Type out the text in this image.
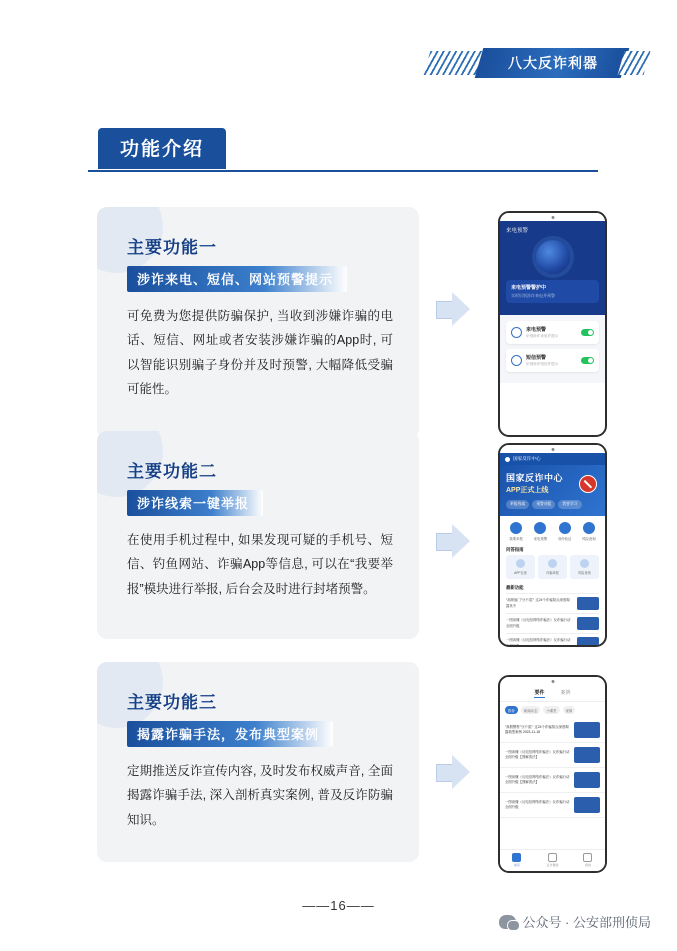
八大反诈利器
功能介绍
主要功能一
涉诈来电、短信、网站预警提示
可免费为您提供防骗保护, 当收到涉嫌诈骗的电话、短信、网址或者安装涉嫌诈骗的App时, 可以智能识别骗子身份并及时预警, 大幅降低受骗可能性。
主要功能二
涉诈线索一键举报
在使用手机过程中, 如果发现可疑的手机号、短信、钓鱼网站、诈骗App等信息, 可以在“我要举报”模块进行举报, 后台会及时进行封堵预警。
主要功能三
揭露诈骗手法，发布典型案例
定期推送反诈宣传内容, 及时发布权威声音, 全面揭露诈骗手法, 深入剖析真实案例, 普及反诈防骗知识。
来电预警
来电预警警护中
实时识别涉诈来电并预警
来电预警
识别涉诈来电并提示
短信预警
识别涉诈短信并提示
国家反诈中心
国家反诈中心
APP正式上线
举报线索	预警劝阻	我要学习
我要举报	来电预警	身份验证	风险查询
问答指南
APP自查	诈骗举报	风险查询
最新功能
“高颜值门”分不清？这24个诈骗窝点深度揭露其中
一图读懂《反电信网络诈骗法》反诈骗行动全面升级
一图读懂《反电信网络诈骗法》反诈骗行动全面升级
要件	案例
推荐	新闻动态	小课堂	视频
“真假警察”分不清？这24个诈骗窝点深度揭露典型案例 2023-11-18
一图读懂《反电信网络诈骗法》反诈骗行动全面升级【图解普法】
一图读懂《反电信网络诈骗法》反诈骗行动全面升级【图解普法】
一图读懂《反电信网络诈骗法》反诈骗行动全面升级
首页	反诈课堂	我的
——16——
公众号 · 公安部刑侦局
